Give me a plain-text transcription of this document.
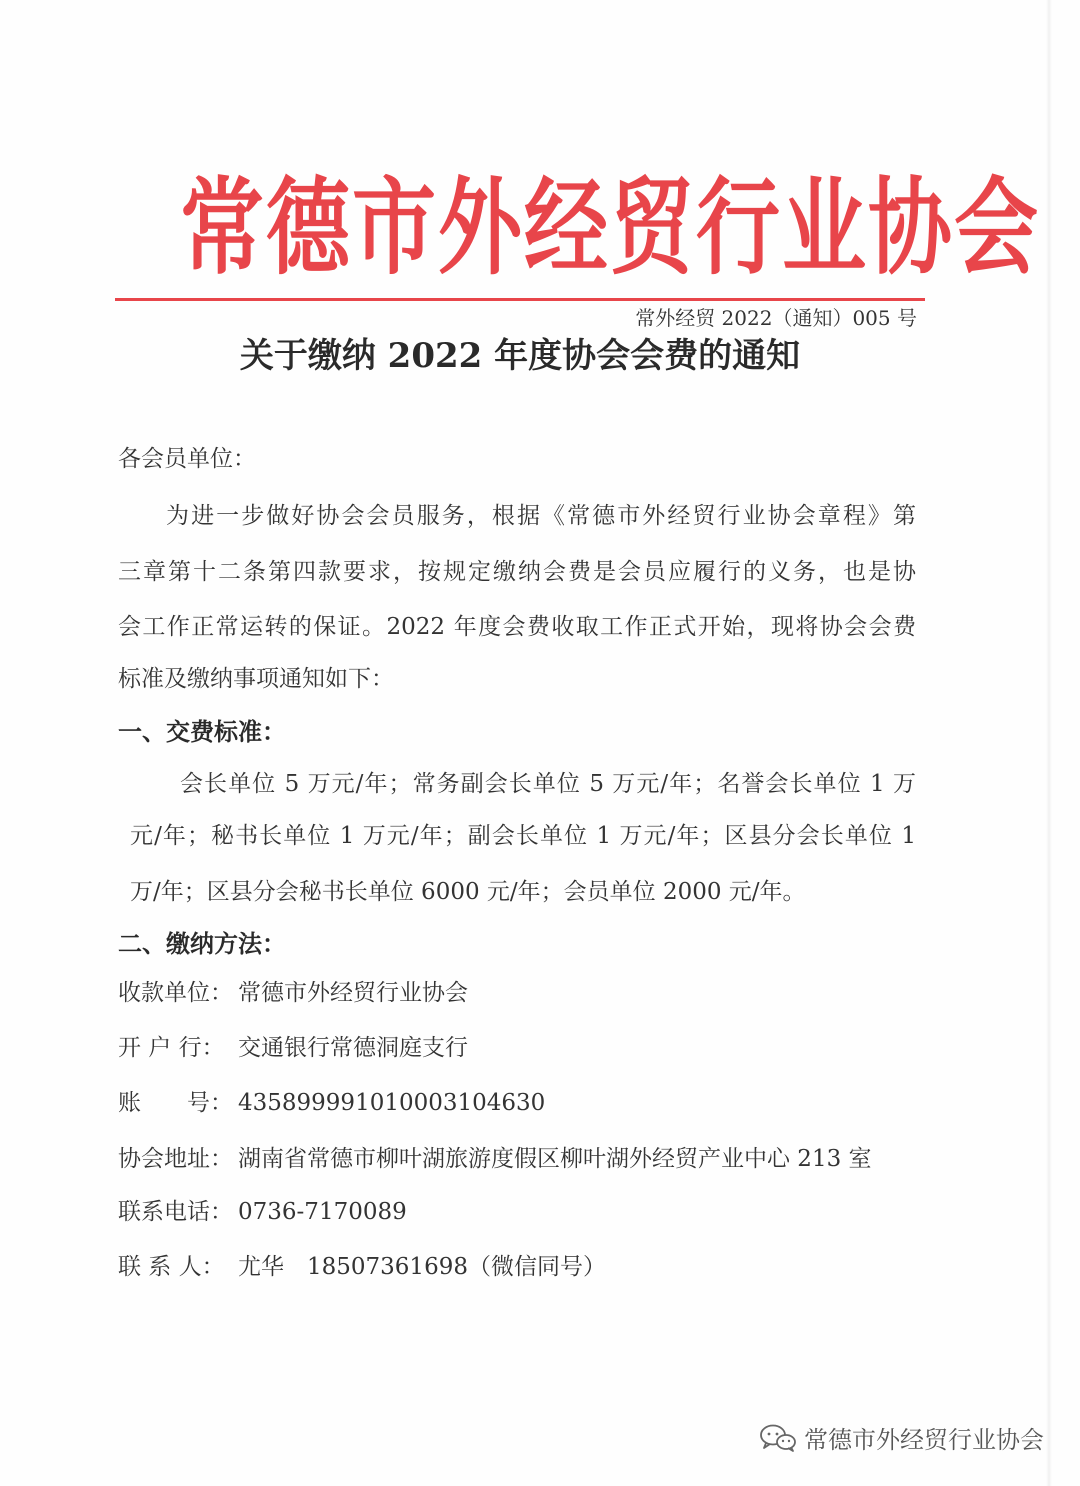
常德市外经贸行业协会
常外经贸 2022（通知）005 号
关于缴纳 2022 年度协会会费的通知
各会员单位：
为进一步做好协会会员服务，根据《常德市外经贸行业协会章程》第
三章第十二条第四款要求，按规定缴纳会费是会员应履行的义务，也是协
会工作正常运转的保证。2022 年度会费收取工作正式开始，现将协会会费
标准及缴纳事项通知如下：
一、交费标准：
会长单位 5 万元/年；常务副会长单位 5 万元/年；名誉会长单位 1 万
元/年；秘书长单位 1 万元/年；副会长单位 1 万元/年；区县分会长单位 1
万/年；区县分会秘书长单位 6000 元/年；会员单位 2000 元/年。
二、缴纳方法：
收款单位： 常德市外经贸行业协会
开 户 行： 交通银行常德洞庭支行
账　　号： 435899991010003104630
协会地址： 湖南省常德市柳叶湖旅游度假区柳叶湖外经贸产业中心 213 室
联系电话： 0736-7170089
联 系 人： 尤华　18507361698（微信同号）
常德市外经贸行业协会
